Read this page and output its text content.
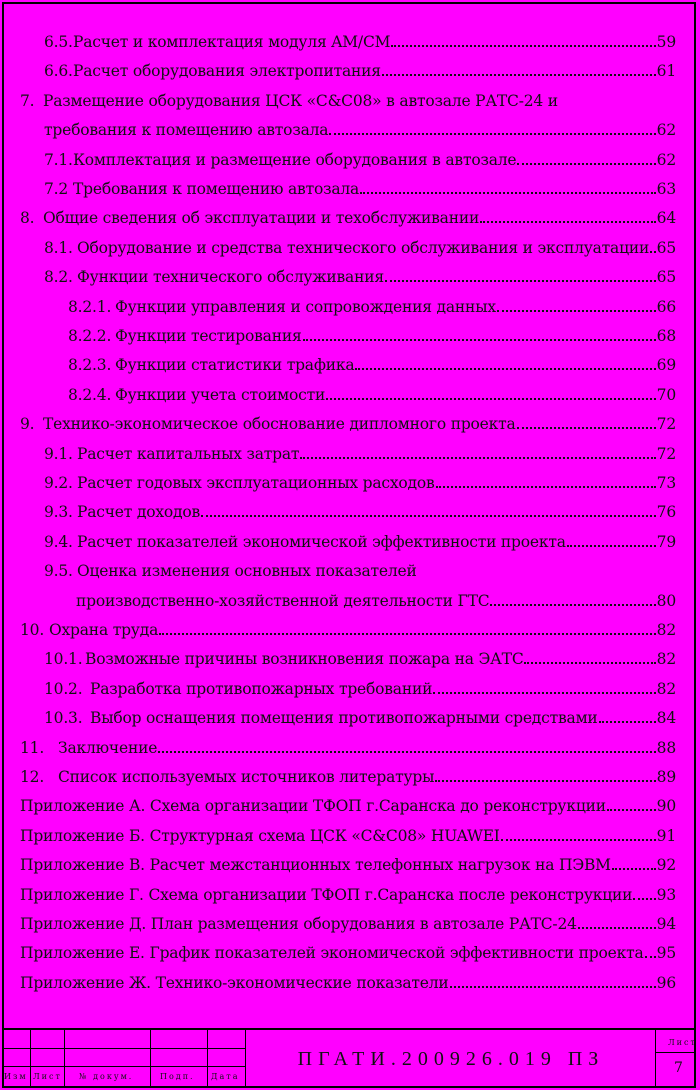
6.5. Расчет и комплектация модуля AM/CM	59
6.6. Расчет оборудования электропитания	61
7. Размещение оборудования ЦСК «C&C08» в автозале РАТС-24 и
требования к помещению автозала	62
7.1. Комплектация и размещение оборудования в автозале	62
7.2 Требования к помещению автозала	63
8. Общие сведения об эксплуатации и техобслуживании	64
8.1. Оборудование и средства технического обслуживания и эксплуатации 65
8.2. Функции технического обслуживания	65
8.2.1. Функции управления и сопровождения данных	66
8.2.2. Функции тестирования	68
8.2.3. Функции статистики трафика	69
8.2.4. Функции учета стоимости	70
9. Технико-экономическое обоснование дипломного проекта	72
9.1. Расчет капитальных затрат	72
9.2. Расчет годовых эксплуатационных расходов	73
9.3. Расчет доходов	76
9.4. Расчет показателей экономической эффективности проекта	79
9.5. Оценка изменения основных показателей
производственно-хозяйственной деятельности ГТС	80
10. Охрана труда	82
10.1. Возможные причины возникновения пожара на ЭАТС	82
10.2. Разработка противопожарных требований	82
10.3. Выбор оснащения помещения противопожарными средствами	84
11. Заключение	88
12. Список используемых источников литературы	89
Приложение А. Схема организации ТФОП г.Саранска до реконструкции	90
Приложение Б. Структурная схема ЦСК «C&C08» HUAWEI	91
Приложение В. Расчет межстанционных телефонных нагрузок на ПЭВМ	92
Приложение Г. Схема организации ТФОП г.Саранска после реконструкции 93
Приложение Д. План размещения оборудования в автозале РАТС-24	94
Приложение Е. График показателей экономической эффективности проекта 95
Приложение Ж. Технико-экономические показатели	96
Изм Лист № докум.	Подп. Дата
ПГАТИ.200926.019 ПЗ
Лист
7
